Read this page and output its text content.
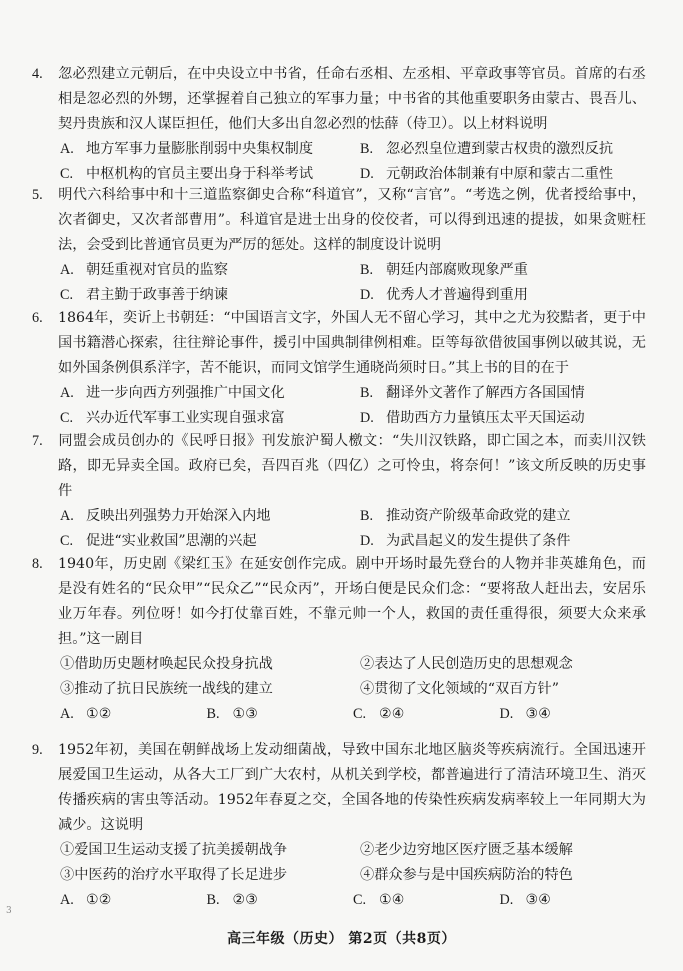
4. 忽必烈建立元朝后，在中央设立中书省，任命右丞相、左丞相、平章政事等官员。首席的右丞相是忽必烈的外甥，还掌握着自己独立的军事力量；中书省的其他重要职务由蒙古、畏吾儿、契丹贵族和汉人谋臣担任，他们大多出自忽必烈的怯薛（侍卫）。以上材料说明

A. 地方军事力量膨胀削弱中央集权制度	B. 忽必烈皇位遭到蒙古权贵的激烈反抗
C. 中枢机构的官员主要出身于科举考试	D. 元朝政治体制兼有中原和蒙古二重性

5. 明代六科给事中和十三道监察御史合称“科道官”，又称“言官”。“考选之例，优者授给事中，次者御史，又次者部曹用”。科道官是进士出身的佼佼者，可以得到迅速的提拔，如果贪赃枉法，会受到比普通官员更为严厉的惩处。这样的制度设计说明

A. 朝廷重视对官员的监察	B. 朝廷内部腐败现象严重
C. 君主勤于政事善于纳谏	D. 优秀人才普遍得到重用

6. 1864年，奕䜣上书朝廷：“中国语言文字，外国人无不留心学习，其中之尤为狡黠者，更于中国书籍潜心探索，往往辩论事件，援引中国典制律例相难。臣等每欲借彼国事例以破其说，无如外国条例俱系洋字，苦不能识，而同文馆学生通晓尚须时日。”其上书的目的在于

A. 进一步向西方列强推广中国文化	B. 翻译外文著作了解西方各国国情
C. 兴办近代军事工业实现自强求富	D. 借助西方力量镇压太平天国运动

7. 同盟会成员创办的《民呼日报》刊发旅沪蜀人檄文：“失川汉铁路，即亡国之本，而卖川汉铁路，即无异卖全国。政府已矣，吾四百兆（四亿）之可怜虫，将奈何！”该文所反映的历史事件

A. 反映出列强势力开始深入内地	B. 推动资产阶级革命政党的建立
C. 促进“实业救国”思潮的兴起	D. 为武昌起义的发生提供了条件

8. 1940年，历史剧《梁红玉》在延安创作完成。剧中开场时最先登台的人物并非英雄角色，而是没有姓名的“民众甲”“民众乙”“民众丙”，开场白便是民众们念：“要将敌人赶出去，安居乐业万年春。列位呀！如今打仗靠百姓，不靠元帅一个人，救国的责任重得很，须要大众来承担。”这一剧目

①借助历史题材唤起民众投身抗战	②表达了人民创造历史的思想观念
③推动了抗日民族统一战线的建立	④贯彻了文化领域的“双百方针”
A. ①②	B. ①③	C. ②④	D. ③④

9. 1952年初，美国在朝鲜战场上发动细菌战，导致中国东北地区脑炎等疾病流行。全国迅速开展爱国卫生运动，从各大工厂到广大农村，从机关到学校，都普遍进行了清洁环境卫生、消灭传播疾病的害虫等活动。1952年春夏之交，全国各地的传染性疾病发病率较上一年同期大为减少。这说明

①爱国卫生运动支援了抗美援朝战争	②老少边穷地区医疗匮乏基本缓解
③中医药的治疗水平取得了长足进步	④群众参与是中国疾病防治的特色
A. ①②	B. ②③	C. ①④	D. ③④
3
高三年级（历史） 第2页（共8页）
